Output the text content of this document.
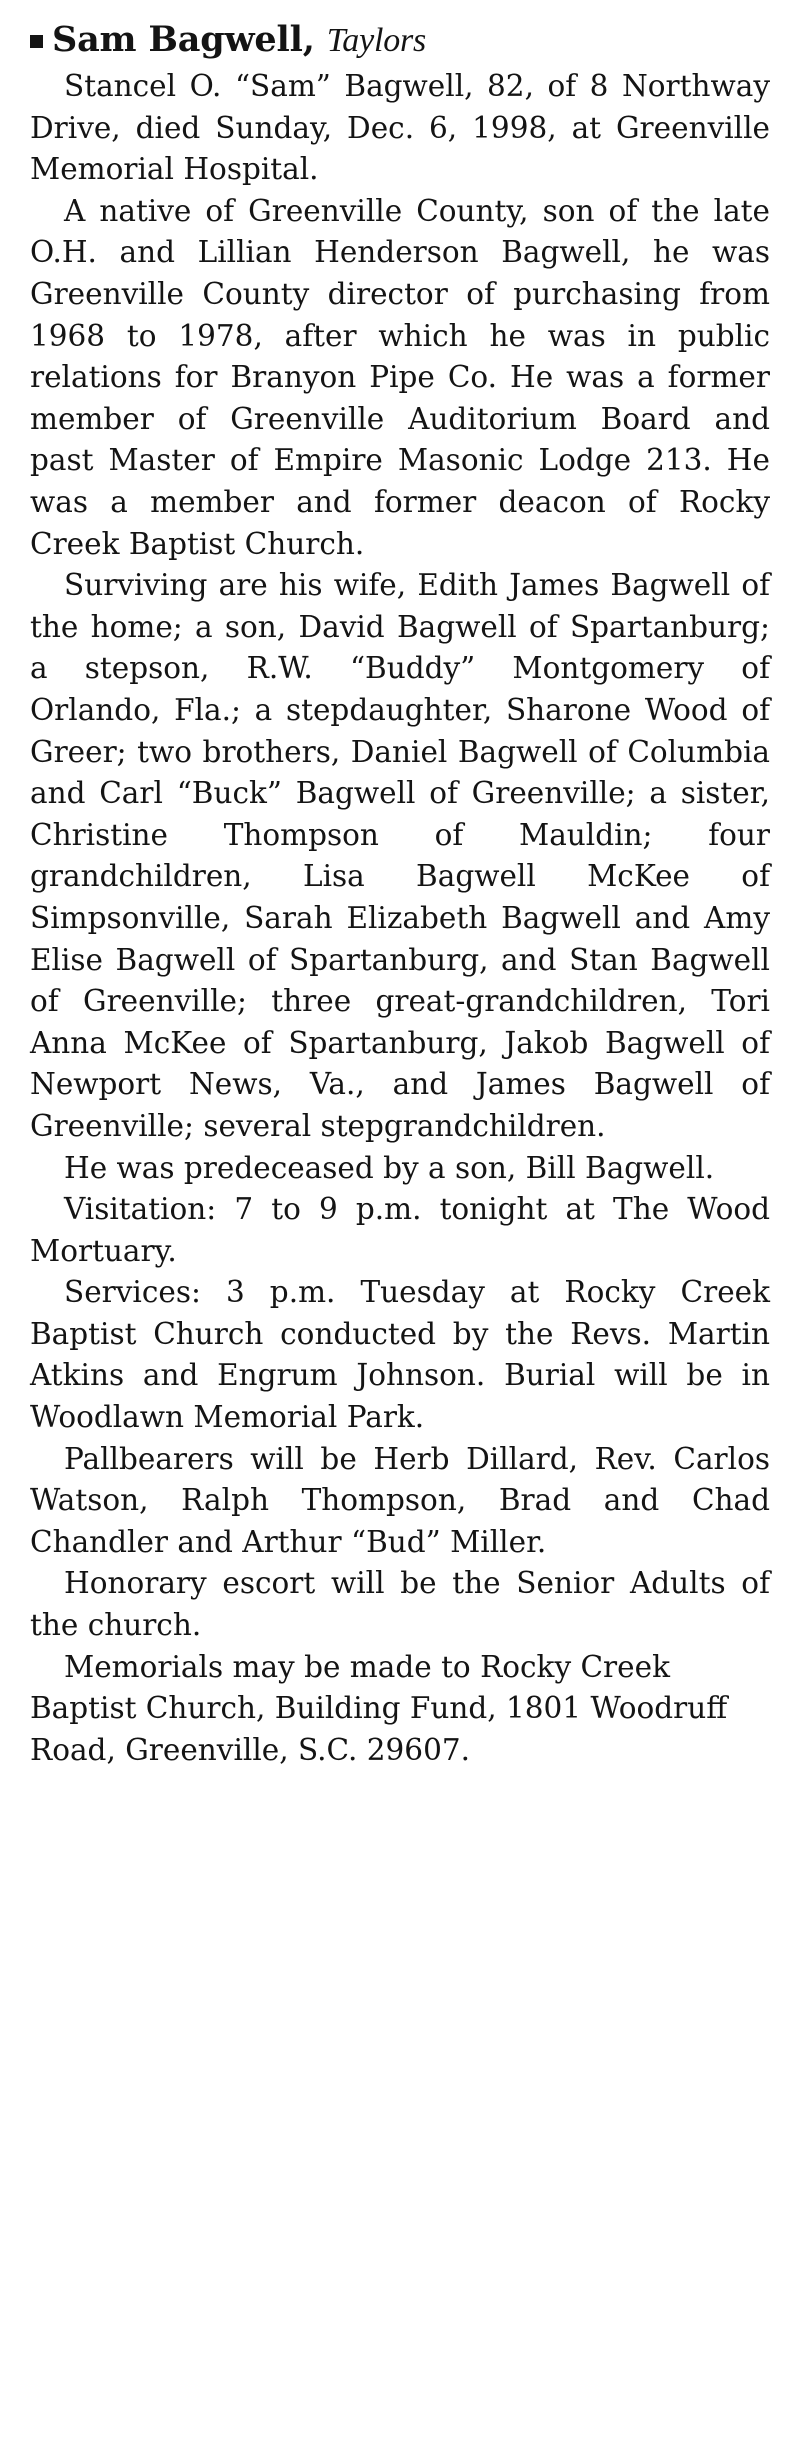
Sam Bagwell, Taylors

Stancel O. “Sam” Bagwell, 82, of 8 Northway Drive, died Sunday, Dec. 6, 1998, at Greenville Memorial Hospital.

A native of Greenville County, son of the late O.H. and Lillian Henderson Bagwell, he was Greenville County director of purchasing from 1968 to 1978, after which he was in public relations for Branyon Pipe Co. He was a former member of Greenville Auditorium Board and past Master of Empire Masonic Lodge 213. He was a member and former deacon of Rocky Creek Baptist Church.

Surviving are his wife, Edith James Bagwell of the home; a son, David Bagwell of Spartanburg; a stepson, R.W. “Buddy” Montgomery of Orlando, Fla.; a stepdaughter, Sharone Wood of Greer; two brothers, Daniel Bagwell of Columbia and Carl “Buck” Bagwell of Greenville; a sister, Christine Thompson of Mauldin; four grandchildren, Lisa Bagwell McKee of Simpsonville, Sarah Elizabeth Bagwell and Amy Elise Bagwell of Spartanburg, and Stan Bagwell of Greenville; three great-grandchildren, Tori Anna McKee of Spartanburg, Jakob Bagwell of Newport News, Va., and James Bagwell of Greenville; several stepgrandchildren.

He was predeceased by a son, Bill Bagwell.

Visitation: 7 to 9 p.m. tonight at The Wood Mortuary.

Services: 3 p.m. Tuesday at Rocky Creek Baptist Church conducted by the Revs. Martin Atkins and Engrum Johnson. Burial will be in Woodlawn Memorial Park.

Pallbearers will be Herb Dillard, Rev. Carlos Watson, Ralph Thompson, Brad and Chad Chandler and Arthur “Bud” Miller.

Honorary escort will be the Senior Adults of the church.

Memorials may be made to Rocky Creek Baptist Church, Building Fund, 1801 Woodruff Road, Greenville, S.C. 29607.
